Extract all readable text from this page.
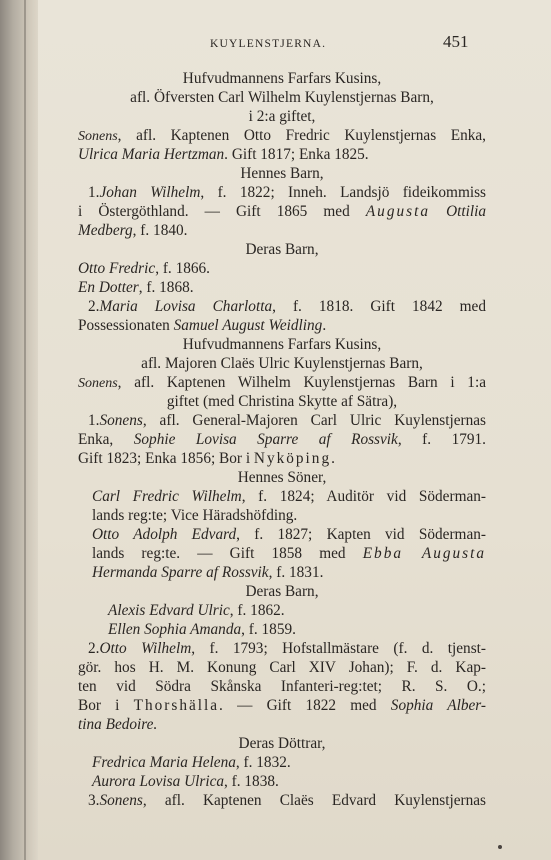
KUYLENSTJERNA.	451
Hufvudmannens Farfars Kusins,
afl. Öfversten Carl Wilhelm Kuylenstjernas Barn,
i 2:a giftet,
Sonens, afl. Kaptenen Otto Fredric Kuylenstjernas Enka,
Ulrica Maria Hertzman. Gift 1817; Enka 1825.
Hennes Barn,
1.Johan Wilhelm, f. 1822; Inneh. Landsjö fideikommiss
i Östergöthland. — Gift 1865 med Augusta Ottilia
Medberg, f. 1840.
Deras Barn,
Otto Fredric, f. 1866.
En Dotter, f. 1868.
2.Maria Lovisa Charlotta, f. 1818. Gift 1842 med
Possessionaten Samuel August Weidling.
Hufvudmannens Farfars Kusins,
afl. Majoren Claës Ulric Kuylenstjernas Barn,
Sonens, afl. Kaptenen Wilhelm Kuylenstjernas Barn i 1:a
giftet (med Christina Skytte af Sätra),
1.Sonens, afl. General-Majoren Carl Ulric Kuylenstjernas
Enka, Sophie Lovisa Sparre af Rossvik, f. 1791.
Gift 1823; Enka 1856; Bor i Nyköping.
Hennes Söner,
Carl Fredric Wilhelm, f. 1824; Auditör vid Söderman-
lands reg:te; Vice Häradshöfding.
Otto Adolph Edvard, f. 1827; Kapten vid Söderman-
lands reg:te. — Gift 1858 med Ebba Augusta
Hermanda Sparre af Rossvik, f. 1831.
Deras Barn,
Alexis Edvard Ulric, f. 1862.
Ellen Sophia Amanda, f. 1859.
2.Otto Wilhelm, f. 1793; Hofstallmästare (f. d. tjenst-
gör. hos H. M. Konung Carl XIV Johan); F. d. Kap-
ten vid Södra Skånska Infanteri-reg:tet; R. S. O.;
Bor i Thorshälla. — Gift 1822 med Sophia Alber-
tina Bedoire.
Deras Döttrar,
Fredrica Maria Helena, f. 1832.
Aurora Lovisa Ulrica, f. 1838.
3.Sonens, afl. Kaptenen Claës Edvard Kuylenstjernas
